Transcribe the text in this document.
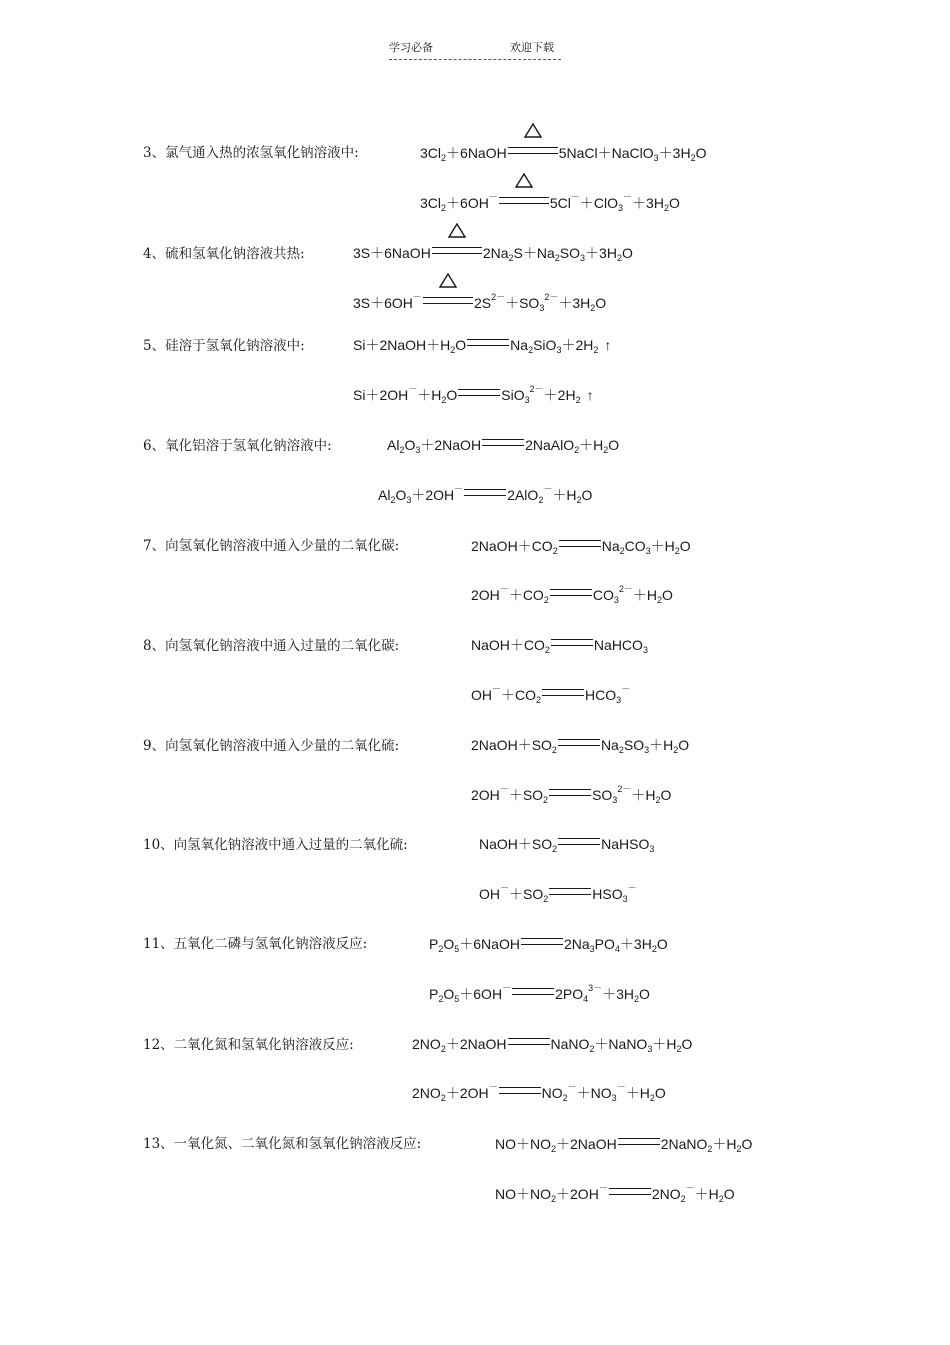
学习必备	欢迎下载
3、氯气通入热的浓氢氧化钠溶液中:	$3Cl_2+6NaOH$	$5NaCl+NaClO_3+3H_2O$
$3Cl_2+6OH^-$	$5Cl^-+ClO_3^-+3H_2O$
4、硫和氢氧化钠溶液共热:	3S＋6NaOH	$2Na_2S+Na_2SO_3+3H_2O$
3S＋6OH－	$2S^{2-}+SO_3^{2-}+3H_2O$
5、硅溶于氢氧化钠溶液中:	$Si+2NaOH+H_2O$	$Na_2SiO_3+2H_2$ ↑
$Si+2OH^-+H_2O$	$SiO_3^{2-}+2H_2$ ↑
6、氧化铝溶于氢氧化钠溶液中:	$Al_2O_3+2NaOH$	$2NaAlO_2+H_2O$
$Al_2O_3+2OH^-$	$2AlO_2^-+H_2O$
7、向氢氧化钠溶液中通入少量的二氧化碳:	$2NaOH+CO_2$	$Na_2CO_3+H_2O$
$2OH^-+CO_2$	$CO_3^{2-}+H_2O$
8、向氢氧化钠溶液中通入过量的二氧化碳:	$NaOH+CO_2$	NaHCO$_3$
$OH^-+CO_2$	$HCO_3^-$
9、向氢氧化钠溶液中通入少量的二氧化硫:	$2NaOH+SO_2$	$Na_2SO_3+H_2O$
$2OH^-+SO_2$	$SO_3^{2-}+H_2O$
10、向氢氧化钠溶液中通入过量的二氧化硫:	$NaOH+SO_2$	NaHSO$_3$
$OH^-+SO_2$	$HSO_3^-$
11、五氧化二磷与氢氧化钠溶液反应:	$P_2O_5+6NaOH$	$2Na_3PO_4+3H_2O$
$P_2O_5+6OH^-$	$2PO_4^{3-}+3H_2O$
12、二氧化氮和氢氧化钠溶液反应:	$2NO_2+2NaOH$	$NaNO_2+NaNO_3+H_2O$
$2NO_2+2OH^-$	$NO_2^-+NO_3^-+H_2O$
13、一氧化氮、二氧化氮和氢氧化钠溶液反应:	$NO+NO_2+2NaOH$	$2NaNO_2+H_2O$
$NO+NO_2+2OH^-$	$2NO_2^-+H_2O$
